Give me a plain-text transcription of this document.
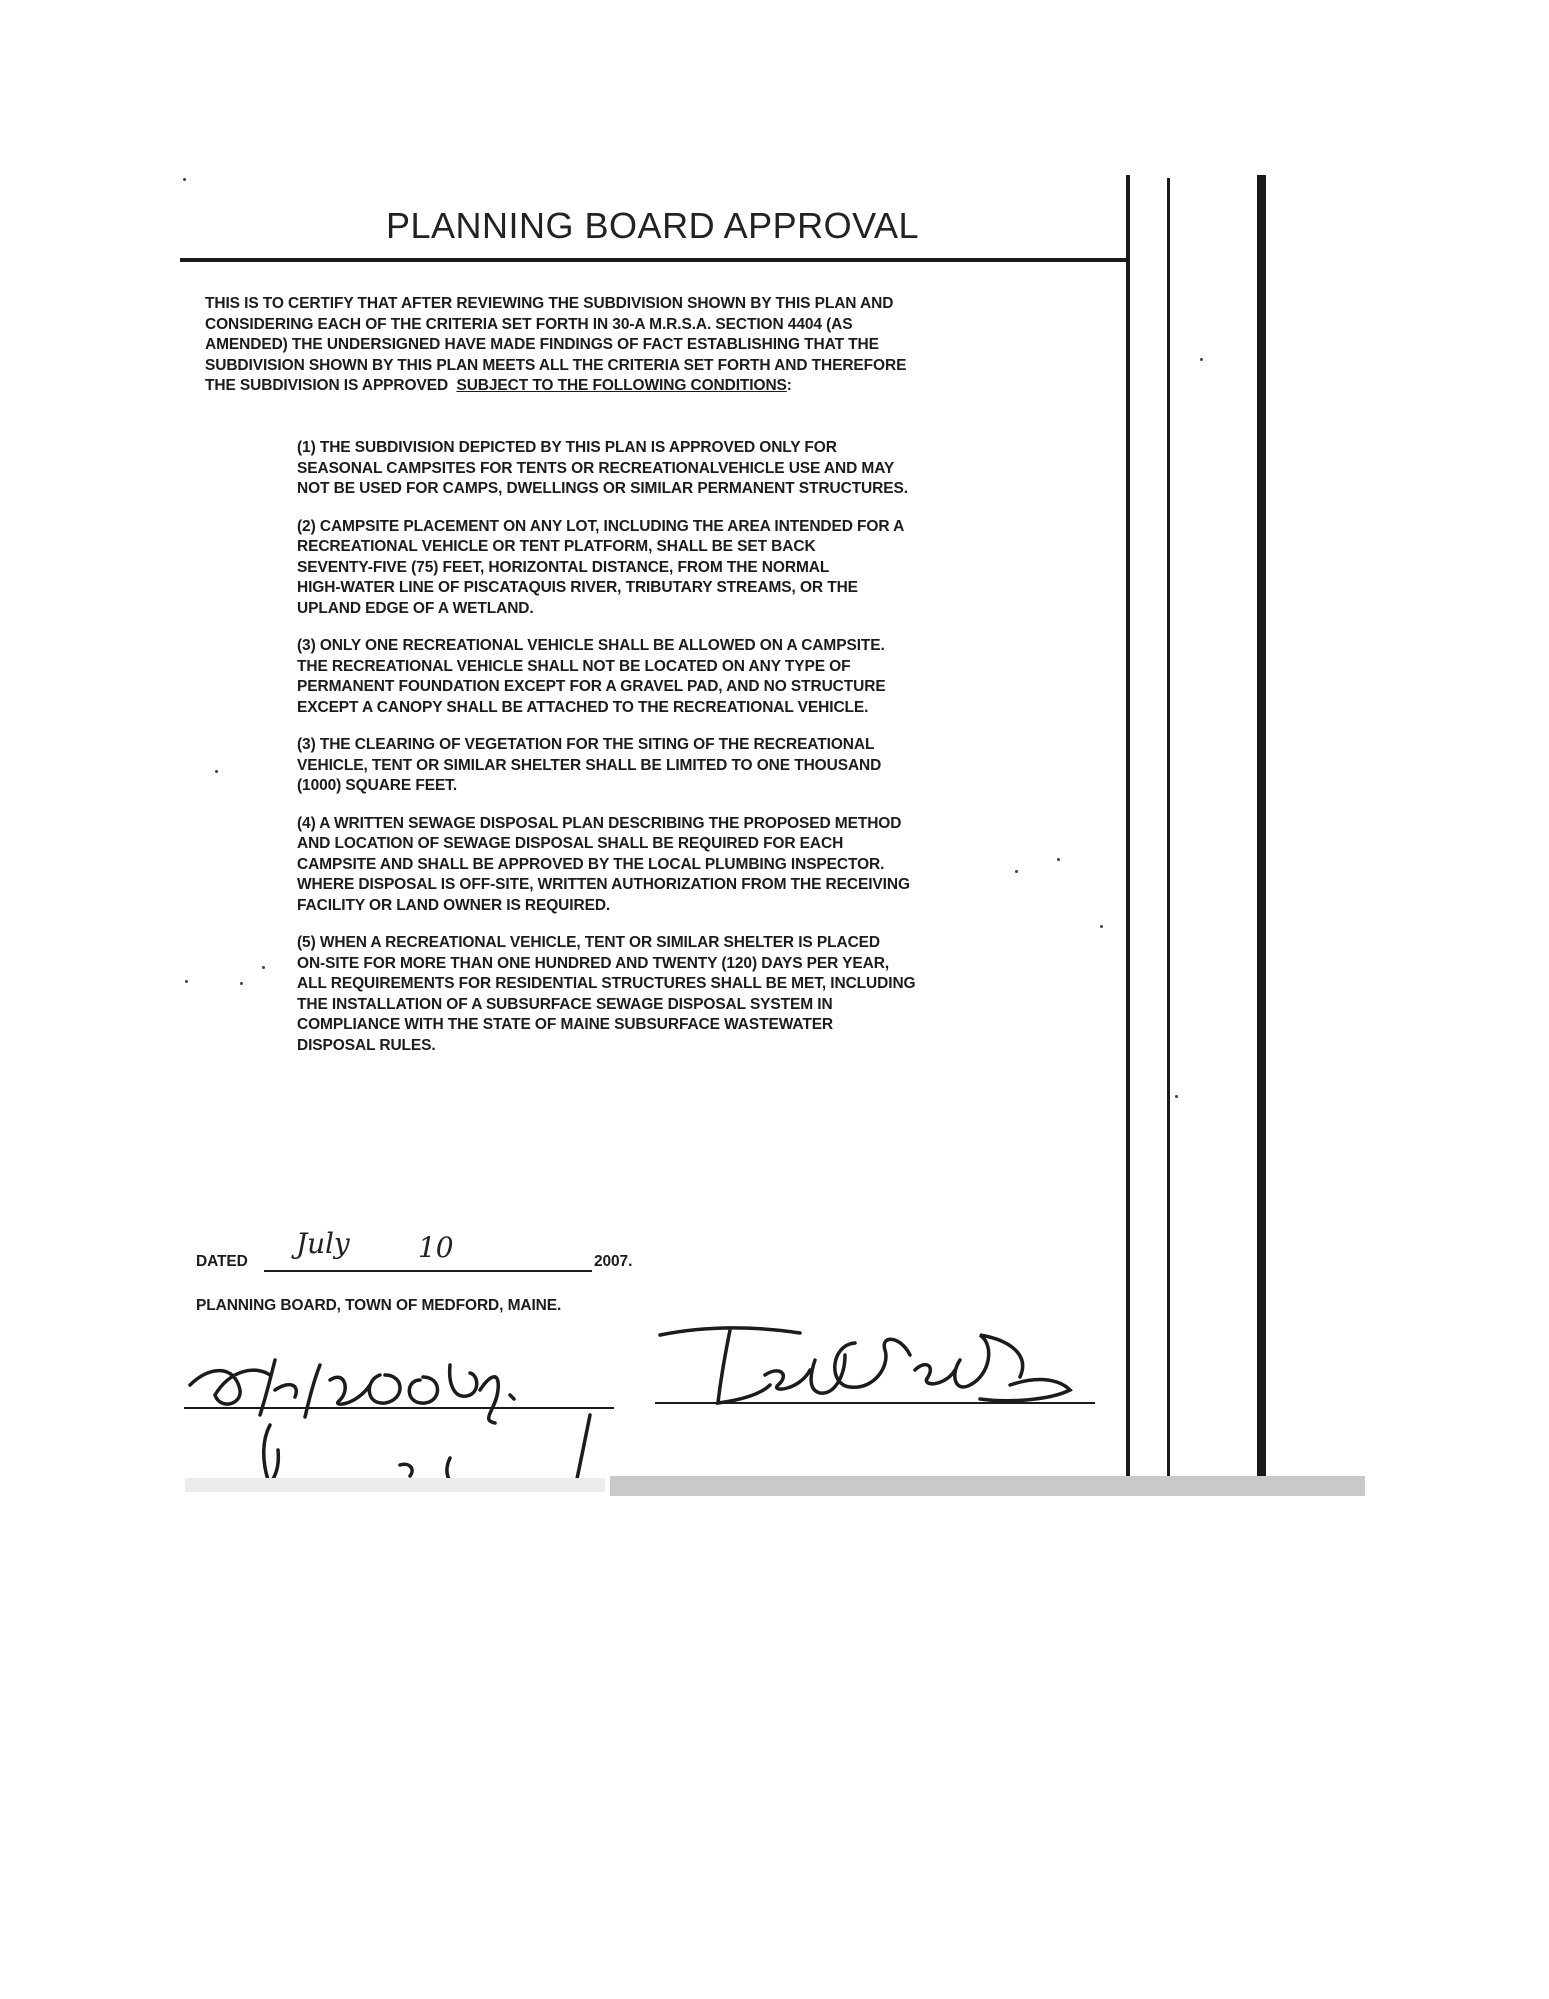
PLANNING BOARD APPROVAL
THIS IS TO CERTIFY THAT AFTER REVIEWING THE SUBDIVISION SHOWN BY THIS PLAN AND
CONSIDERING EACH OF THE CRITERIA SET FORTH IN 30-A M.R.S.A. SECTION 4404 (AS
AMENDED) THE UNDERSIGNED HAVE MADE FINDINGS OF FACT ESTABLISHING THAT THE
SUBDIVISION SHOWN BY THIS PLAN MEETS ALL THE CRITERIA SET FORTH AND THEREFORE
THE SUBDIVISION IS APPROVED SUBJECT TO THE FOLLOWING CONDITIONS:
(1) THE SUBDIVISION DEPICTED BY THIS PLAN IS APPROVED ONLY FOR
SEASONAL CAMPSITES FOR TENTS OR RECREATIONALVEHICLE USE AND MAY
NOT BE USED FOR CAMPS, DWELLINGS OR SIMILAR PERMANENT STRUCTURES.
(2) CAMPSITE PLACEMENT ON ANY LOT, INCLUDING THE AREA INTENDED FOR A
RECREATIONAL VEHICLE OR TENT PLATFORM, SHALL BE SET BACK
SEVENTY-FIVE (75) FEET, HORIZONTAL DISTANCE, FROM THE NORMAL
HIGH-WATER LINE OF PISCATAQUIS RIVER, TRIBUTARY STREAMS, OR THE
UPLAND EDGE OF A WETLAND.
(3) ONLY ONE RECREATIONAL VEHICLE SHALL BE ALLOWED ON A CAMPSITE.
THE RECREATIONAL VEHICLE SHALL NOT BE LOCATED ON ANY TYPE OF
PERMANENT FOUNDATION EXCEPT FOR A GRAVEL PAD, AND NO STRUCTURE
EXCEPT A CANOPY SHALL BE ATTACHED TO THE RECREATIONAL VEHICLE.
(3) THE CLEARING OF VEGETATION FOR THE SITING OF THE RECREATIONAL
VEHICLE, TENT OR SIMILAR SHELTER SHALL BE LIMITED TO ONE THOUSAND
(1000) SQUARE FEET.
(4) A WRITTEN SEWAGE DISPOSAL PLAN DESCRIBING THE PROPOSED METHOD
AND LOCATION OF SEWAGE DISPOSAL SHALL BE REQUIRED FOR EACH
CAMPSITE AND SHALL BE APPROVED BY THE LOCAL PLUMBING INSPECTOR.
WHERE DISPOSAL IS OFF-SITE, WRITTEN AUTHORIZATION FROM THE RECEIVING
FACILITY OR LAND OWNER IS REQUIRED.
(5) WHEN A RECREATIONAL VEHICLE, TENT OR SIMILAR SHELTER IS PLACED
ON-SITE FOR MORE THAN ONE HUNDRED AND TWENTY (120) DAYS PER YEAR,
ALL REQUIREMENTS FOR RESIDENTIAL STRUCTURES SHALL BE MET, INCLUDING
THE INSTALLATION OF A SUBSURFACE SEWAGE DISPOSAL SYSTEM IN
COMPLIANCE WITH THE STATE OF MAINE SUBSURFACE WASTEWATER
DISPOSAL RULES.
DATED
July 10	2007.
PLANNING BOARD, TOWN OF MEDFORD, MAINE.
